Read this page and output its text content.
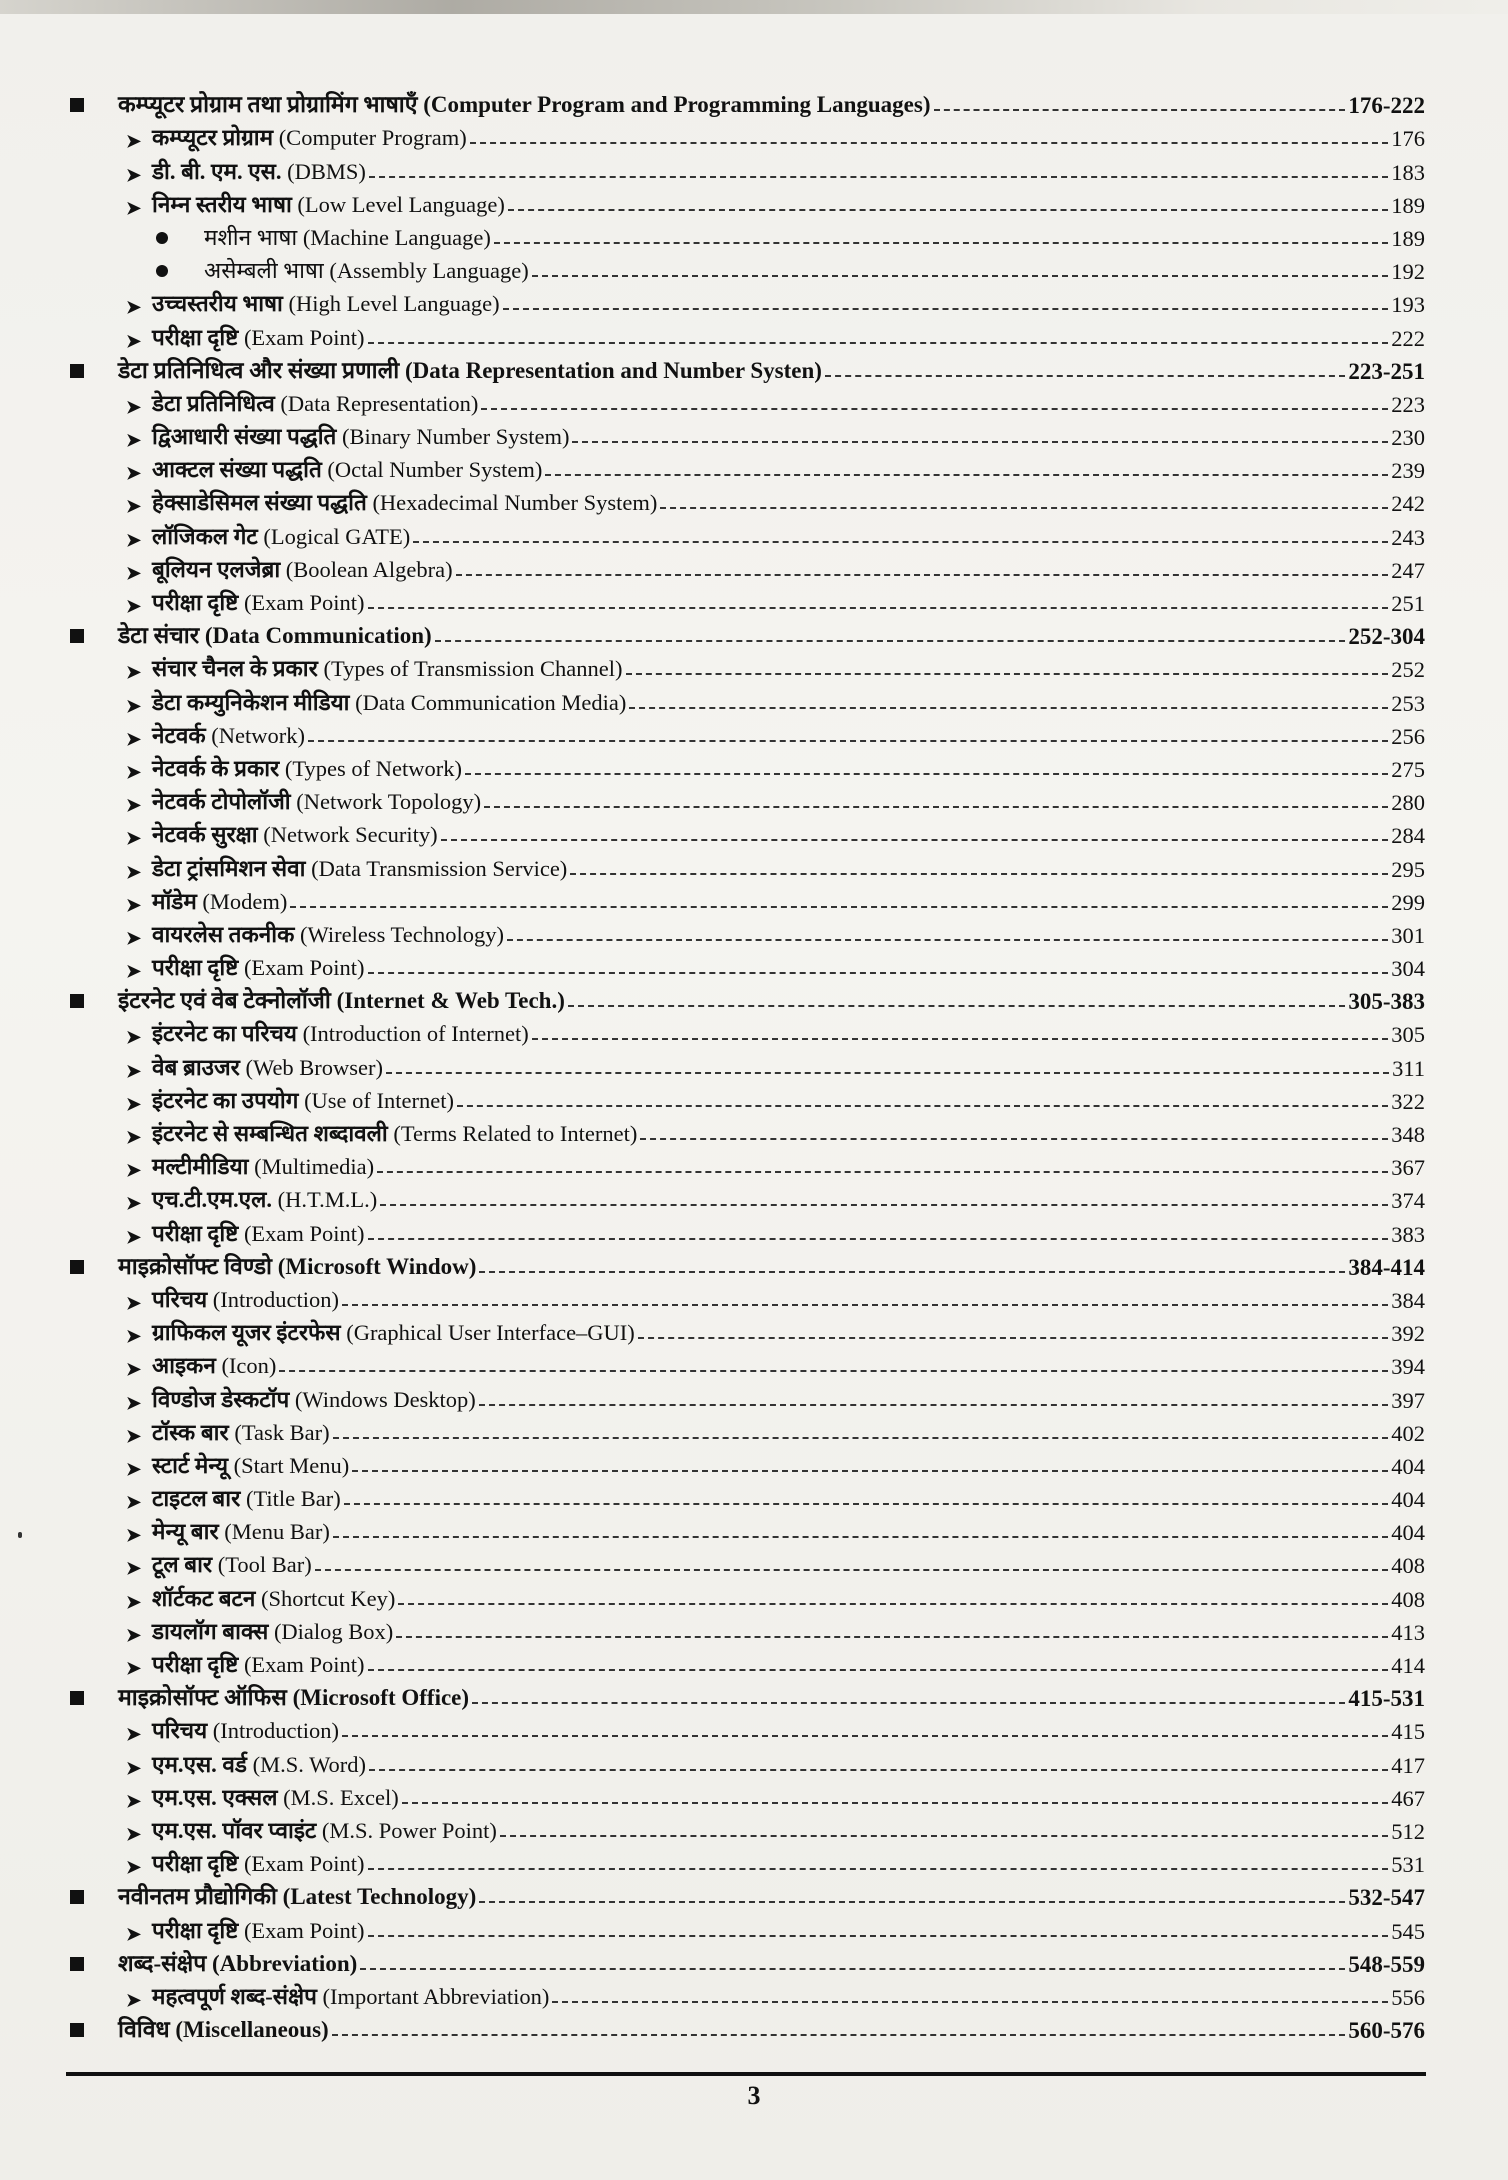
कम्प्यूटर प्रोग्राम तथा प्रोग्रामिंग भाषाएँ (Computer Program and Programming Languages)	176-222
➤ कम्प्यूटर प्रोग्राम (Computer Program)	176
➤ डी. बी. एम. एस. (DBMS)	183
➤ निम्न स्तरीय भाषा (Low Level Language)	189
मशीन भाषा (Machine Language)	189
असेम्बली भाषा (Assembly Language)	192
➤ उच्चस्तरीय भाषा (High Level Language)	193
➤ परीक्षा दृष्टि (Exam Point)	222
डेटा प्रतिनिधित्व और संख्या प्रणाली (Data Representation and Number Systen)	223-251
➤ डेटा प्रतिनिधित्व (Data Representation)	223
➤ द्विआधारी संख्या पद्धति (Binary Number System)	230
➤ आक्टल संख्या पद्धति (Octal Number System)	239
➤ हेक्साडेसिमल संख्या पद्धति (Hexadecimal Number System)	242
➤ लॉजिकल गेट (Logical GATE)	243
➤ बूलियन एलजेब्रा (Boolean Algebra)	247
➤ परीक्षा दृष्टि (Exam Point)	251
डेटा संचार (Data Communication)	252-304
➤ संचार चैनल के प्रकार (Types of Transmission Channel)	252
➤ डेटा कम्युनिकेशन मीडिया (Data Communication Media)	253
➤ नेटवर्क (Network)	256
➤ नेटवर्क के प्रकार (Types of Network)	275
➤ नेटवर्क टोपोलॉजी (Network Topology)	280
➤ नेटवर्क सुरक्षा (Network Security)	284
➤ डेटा ट्रांसमिशन सेवा (Data Transmission Service)	295
➤ मॉडेम (Modem)	299
➤ वायरलेस तकनीक (Wireless Technology)	301
➤ परीक्षा दृष्टि (Exam Point)	304
इंटरनेट एवं वेब टेक्नोलॉजी (Internet & Web Tech.)	305-383
➤ इंटरनेट का परिचय (Introduction of Internet)	305
➤ वेब ब्राउजर (Web Browser)	311
➤ इंटरनेट का उपयोग (Use of Internet)	322
➤ इंटरनेट से सम्बन्धित शब्दावली (Terms Related to Internet)	348
➤ मल्टीमीडिया (Multimedia)	367
➤ एच.टी.एम.एल. (H.T.M.L.)	374
➤ परीक्षा दृष्टि (Exam Point)	383
माइक्रोसॉफ्ट विण्डो (Microsoft Window)	384-414
➤ परिचय (Introduction)	384
➤ ग्राफिकल यूजर इंटरफेस (Graphical User Interface–GUI)	392
➤ आइकन (Icon)	394
➤ विण्डोज डेस्कटॉप (Windows Desktop)	397
➤ टॉस्क बार (Task Bar)	402
➤ स्टार्ट मेन्यू (Start Menu)	404
➤ टाइटल बार (Title Bar)	404
➤ मेन्यू बार (Menu Bar)	404
➤ टूल बार (Tool Bar)	408
➤ शॉर्टकट बटन (Shortcut Key)	408
➤ डायलॉग बाक्स (Dialog Box)	413
➤ परीक्षा दृष्टि (Exam Point)	414
माइक्रोसॉफ्ट ऑफिस (Microsoft Office)	415-531
➤ परिचय (Introduction)	415
➤ एम.एस. वर्ड (M.S. Word)	417
➤ एम.एस. एक्सल (M.S. Excel)	467
➤ एम.एस. पॉवर प्वाइंट (M.S. Power Point)	512
➤ परीक्षा दृष्टि (Exam Point)	531
नवीनतम प्रौद्योगिकी (Latest Technology)	532-547
➤ परीक्षा दृष्टि (Exam Point)	545
शब्द-संक्षेप (Abbreviation)	548-559
➤ महत्वपूर्ण शब्द-संक्षेप (Important Abbreviation)	556
विविध (Miscellaneous)	560-576
3
